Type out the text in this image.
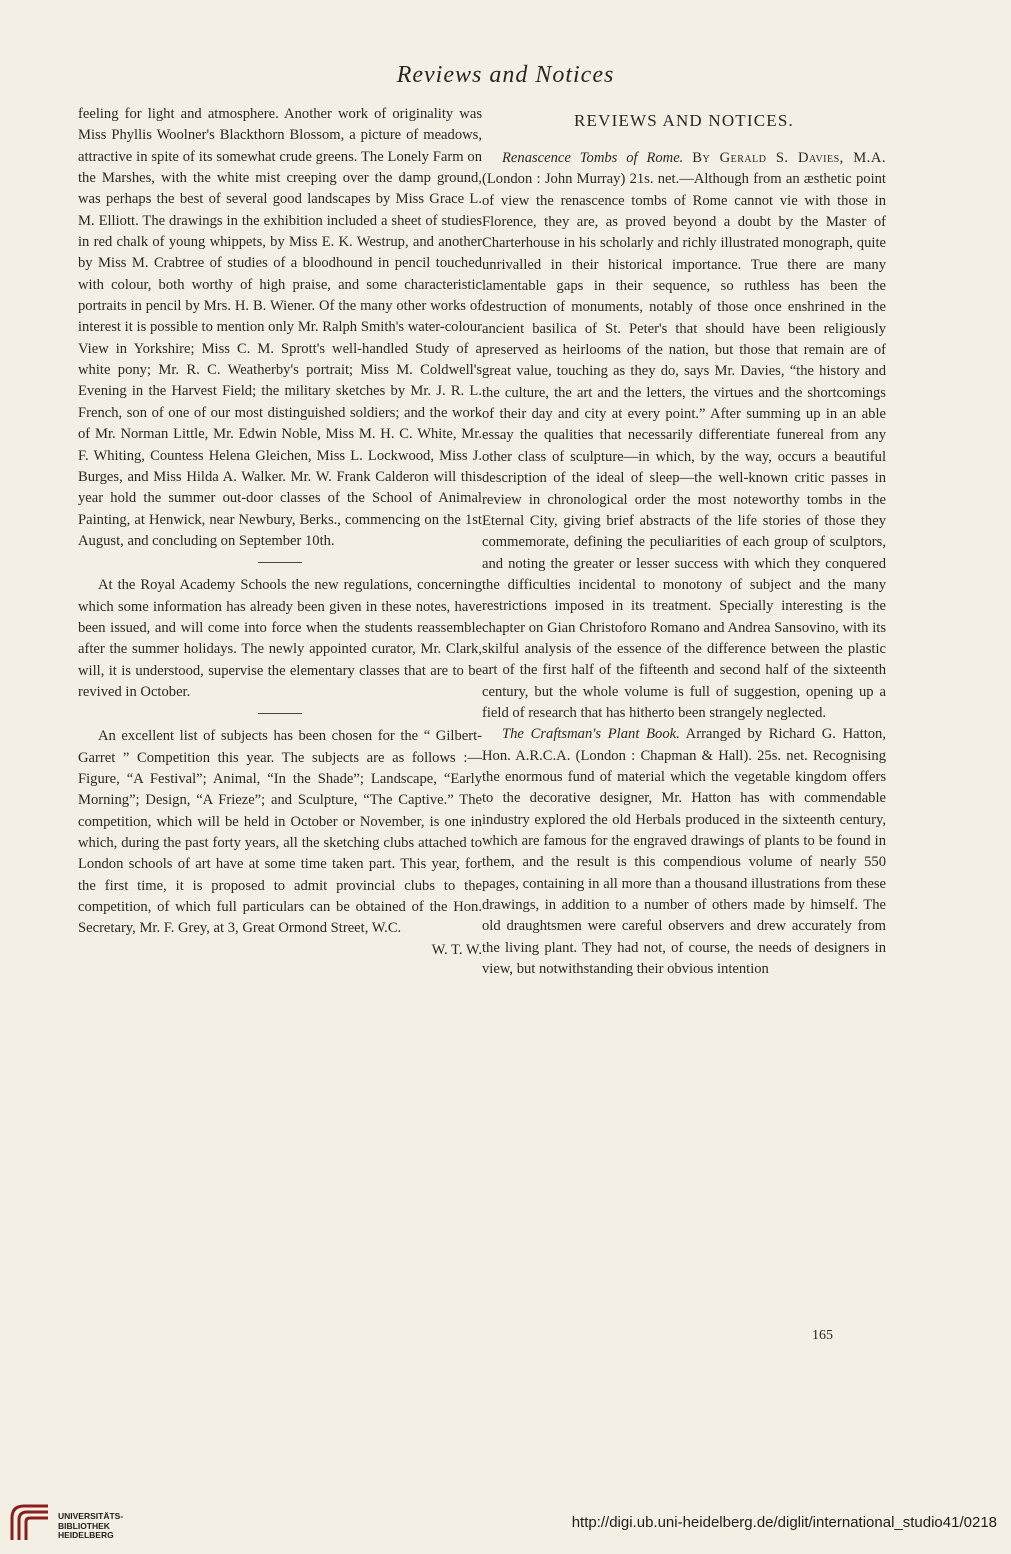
Reviews and Notices

feeling for light and atmosphere. Another work of originality was Miss Phyllis Woolner's Blackthorn Blossom, a picture of meadows, attractive in spite of its somewhat crude greens. The Lonely Farm on the Marshes, with the white mist creeping over the damp ground, was perhaps the best of several good landscapes by Miss Grace L. M. Elliott. The drawings in the exhibition included a sheet of studies in red chalk of young whippets, by Miss E. K. Westrup, and another by Miss M. Crabtree of studies of a bloodhound in pencil touched with colour, both worthy of high praise, and some characteristic portraits in pencil by Mrs. H. B. Wiener. Of the many other works of interest it is possible to mention only Mr. Ralph Smith's water-colour View in Yorkshire; Miss C. M. Sprott's well-handled Study of a white pony; Mr. R. C. Weatherby's portrait; Miss M. Coldwell's Evening in the Harvest Field; the military sketches by Mr. J. R. L. French, son of one of our most distinguished soldiers; and the work of Mr. Norman Little, Mr. Edwin Noble, Miss M. H. C. White, Mr. F. Whiting, Countess Helena Gleichen, Miss L. Lockwood, Miss J. Burges, and Miss Hilda A. Walker. Mr. W. Frank Calderon will this year hold the summer out-door classes of the School of Animal Painting, at Henwick, near Newbury, Berks., commencing on the 1st August, and concluding on September 10th.

At the Royal Academy Schools the new regulations, concerning which some information has already been given in these notes, have been issued, and will come into force when the students reassemble after the summer holidays. The newly appointed curator, Mr. Clark, will, it is understood, supervise the elementary classes that are to be revived in October.

An excellent list of subjects has been chosen for the “ Gilbert-Garret ” Competition this year. The subjects are as follows :—Figure, “A Festival”; Animal, “In the Shade”; Landscape, “Early Morning”; Design, “A Frieze”; and Sculpture, “The Captive.” The competition, which will be held in October or November, is one in which, during the past forty years, all the sketching clubs attached to London schools of art have at some time taken part. This year, for the first time, it is proposed to admit provincial clubs to the competition, of which full particulars can be obtained of the Hon. Secretary, Mr. F. Grey, at 3, Great Ormond Street, W.C.

W. T. W.
REVIEWS AND NOTICES.

Renascence Tombs of Rome. By Gerald S. Davies, M.A. (London : John Murray) 21s. net.—Although from an æsthetic point of view the renascence tombs of Rome cannot vie with those in Florence, they are, as proved beyond a doubt by the Master of Charterhouse in his scholarly and richly illustrated monograph, quite unrivalled in their historical importance. True there are many lamentable gaps in their sequence, so ruthless has been the destruction of monuments, notably of those once enshrined in the ancient basilica of St. Peter's that should have been religiously preserved as heirlooms of the nation, but those that remain are of great value, touching as they do, says Mr. Davies, “the history and the culture, the art and the letters, the virtues and the shortcomings of their day and city at every point.” After summing up in an able essay the qualities that necessarily differentiate funereal from any other class of sculpture—in which, by the way, occurs a beautiful description of the ideal of sleep—the well-known critic passes in review in chronological order the most noteworthy tombs in the Eternal City, giving brief abstracts of the life stories of those they commemorate, defining the peculiarities of each group of sculptors, and noting the greater or lesser success with which they conquered the difficulties incidental to monotony of subject and the many restrictions imposed in its treatment. Specially interesting is the chapter on Gian Christoforo Romano and Andrea Sansovino, with its skilful analysis of the essence of the difference between the plastic art of the first half of the fifteenth and second half of the sixteenth century, but the whole volume is full of suggestion, opening up a field of research that has hitherto been strangely neglected.

The Craftsman's Plant Book. Arranged by Richard G. Hatton, Hon. A.R.C.A. (London : Chapman & Hall). 25s. net. Recognising the enormous fund of material which the vegetable kingdom offers to the decorative designer, Mr. Hatton has with commendable industry explored the old Herbals produced in the sixteenth century, which are famous for the engraved drawings of plants to be found in them, and the result is this compendious volume of nearly 550 pages, containing in all more than a thousand illustrations from these drawings, in addition to a number of others made by himself. The old draughtsmen were careful observers and drew accurately from the living plant. They had not, of course, the needs of designers in view, but notwithstanding their obvious intention

165
UNIVERSITÄTS-
BIBLIOTHEK
HEIDELBERG
http://digi.ub.uni-heidelberg.de/diglit/international_studio41/0218
